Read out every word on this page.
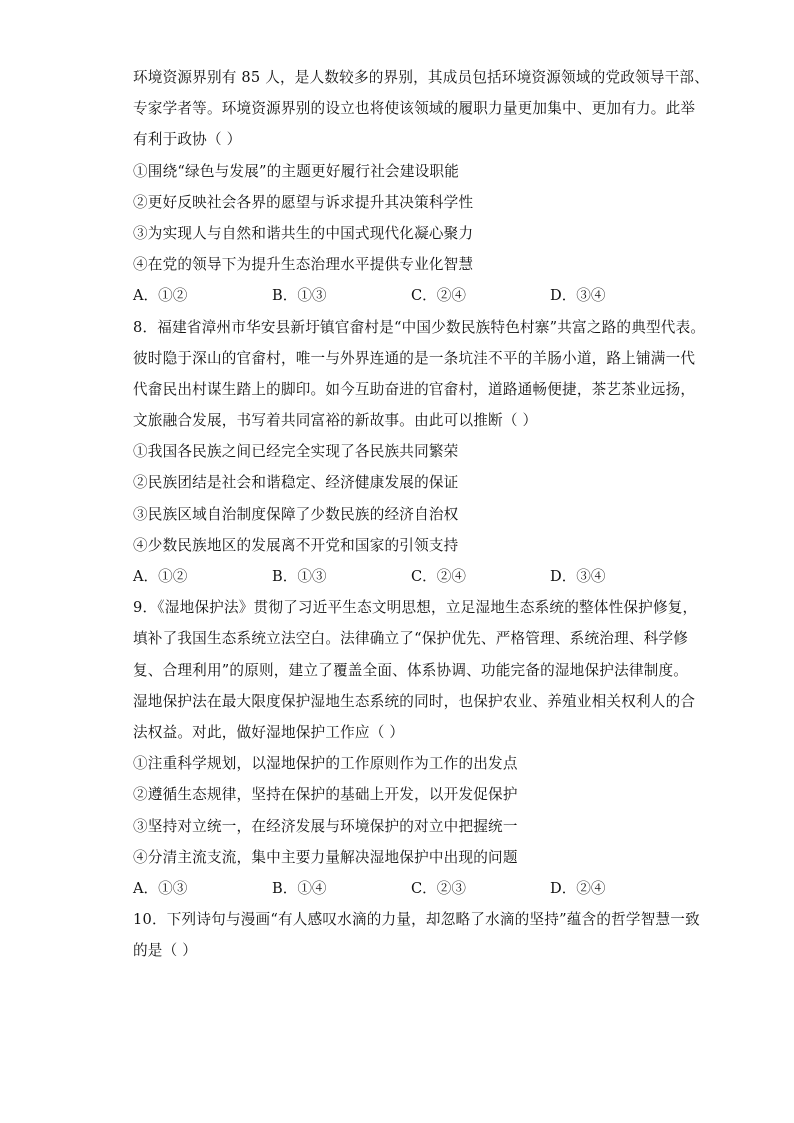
环境资源界别有 85 人，是人数较多的界别，其成员包括环境资源领域的党政领导干部、
专家学者等。环境资源界别的设立也将使该领域的履职力量更加集中、更加有力。此举
有利于政协（ ）
①围绕“绿色与发展”的主题更好履行社会建设职能
②更好反映社会各界的愿望与诉求提升其决策科学性
③为实现人与自然和谐共生的中国式现代化凝心聚力
④在党的领导下为提升生态治理水平提供专业化智慧
A．①②	B．①③	C．②④	D．③④
8．福建省漳州市华安县新圩镇官畲村是“中国少数民族特色村寨”共富之路的典型代表。
彼时隐于深山的官畲村，唯一与外界连通的是一条坑洼不平的羊肠小道，路上铺满一代
代畲民出村谋生踏上的脚印。如今互助奋进的官畲村，道路通畅便捷，茶艺茶业远扬，
文旅融合发展，书写着共同富裕的新故事。由此可以推断（ ）
①我国各民族之间已经完全实现了各民族共同繁荣
②民族团结是社会和谐稳定、经济健康发展的保证
③民族区域自治制度保障了少数民族的经济自治权
④少数民族地区的发展离不开党和国家的引领支持
A．①②	B．①③	C．②④	D．③④
9．《湿地保护法》贯彻了习近平生态文明思想，立足湿地生态系统的整体性保护修复，
填补了我国生态系统立法空白。法律确立了“保护优先、严格管理、系统治理、科学修
复、合理利用”的原则，建立了覆盖全面、体系协调、功能完备的湿地保护法律制度。
湿地保护法在最大限度保护湿地生态系统的同时，也保护农业、养殖业相关权利人的合
法权益。对此，做好湿地保护工作应（ ）
①注重科学规划，以湿地保护的工作原则作为工作的出发点
②遵循生态规律，坚持在保护的基础上开发，以开发促保护
③坚持对立统一，在经济发展与环境保护的对立中把握统一
④分清主流支流，集中主要力量解决湿地保护中出现的问题
A．①③	B．①④	C．②③	D．②④
10．下列诗句与漫画“有人感叹水滴的力量，却忽略了水滴的坚持”蕴含的哲学智慧一致
的是（ ）
